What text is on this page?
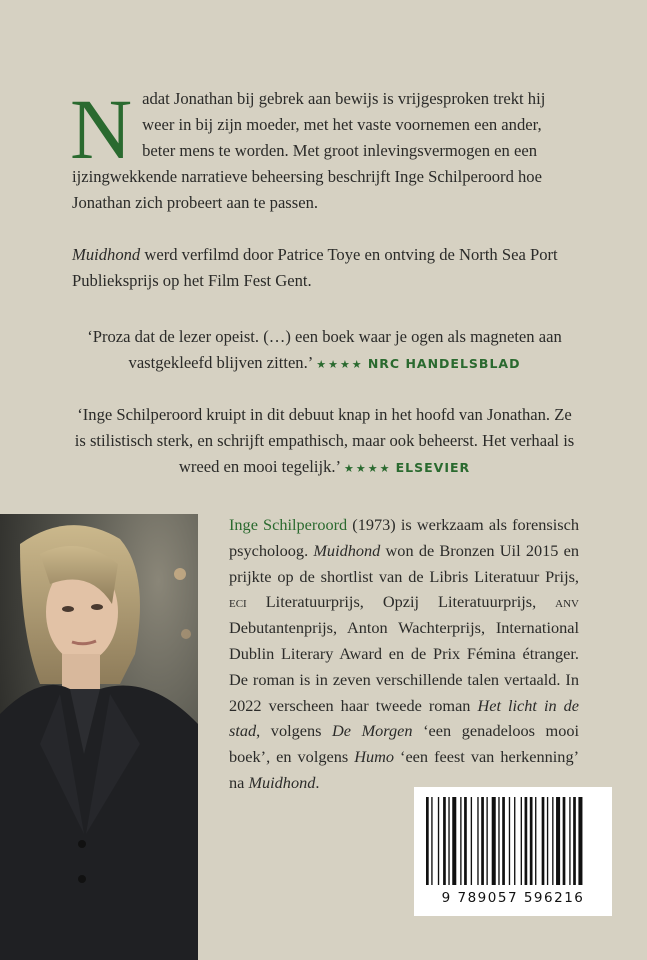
Nadat Jonathan bij gebrek aan bewijs is vrijgesproken trekt hij weer in bij zijn moeder, met het vaste voornemen een ander, beter mens te worden. Met groot inlevingsvermogen en een ijzingwekkende narratieve beheersing beschrijft Inge Schilperoord hoe Jonathan zich probeert aan te passen.
Muidhond werd verfilmd door Patrice Toye en ontving de North Sea Port Publieksprijs op het Film Fest Gent.
‘Proza dat de lezer opeist. (…) een boek waar je ogen als magneten aan vastgekleefd blijven zitten.’ ★★★★ NRC HANDELSBLAD
‘Inge Schilperoord kruipt in dit debuut knap in het hoofd van Jonathan. Ze is stilistisch sterk, en schrijft empathisch, maar ook beheerst. Het verhaal is wreed en mooi tegelijk.’ ★★★★ ELSEVIER
Inge Schilperoord (1973) is werkzaam als forensisch psycholoog. Muidhond won de Bronzen Uil 2015 en prijkte op de shortlist van de Libris Literatuur Prijs, eci Literatuurprijs, Opzij Literatuurprijs, anv Debutantenprijs, Anton Wachterprijs, International Dublin Literary Award en de Prix Fémina étranger. De roman is in zeven verschillende talen vertaald. In 2022 verscheen haar tweede roman Het licht in de stad, volgens De Morgen ‘een genadeloos mooi boek’, en volgens Humo ‘een feest van herkenning’ na Muidhond.
9 789057 596216
